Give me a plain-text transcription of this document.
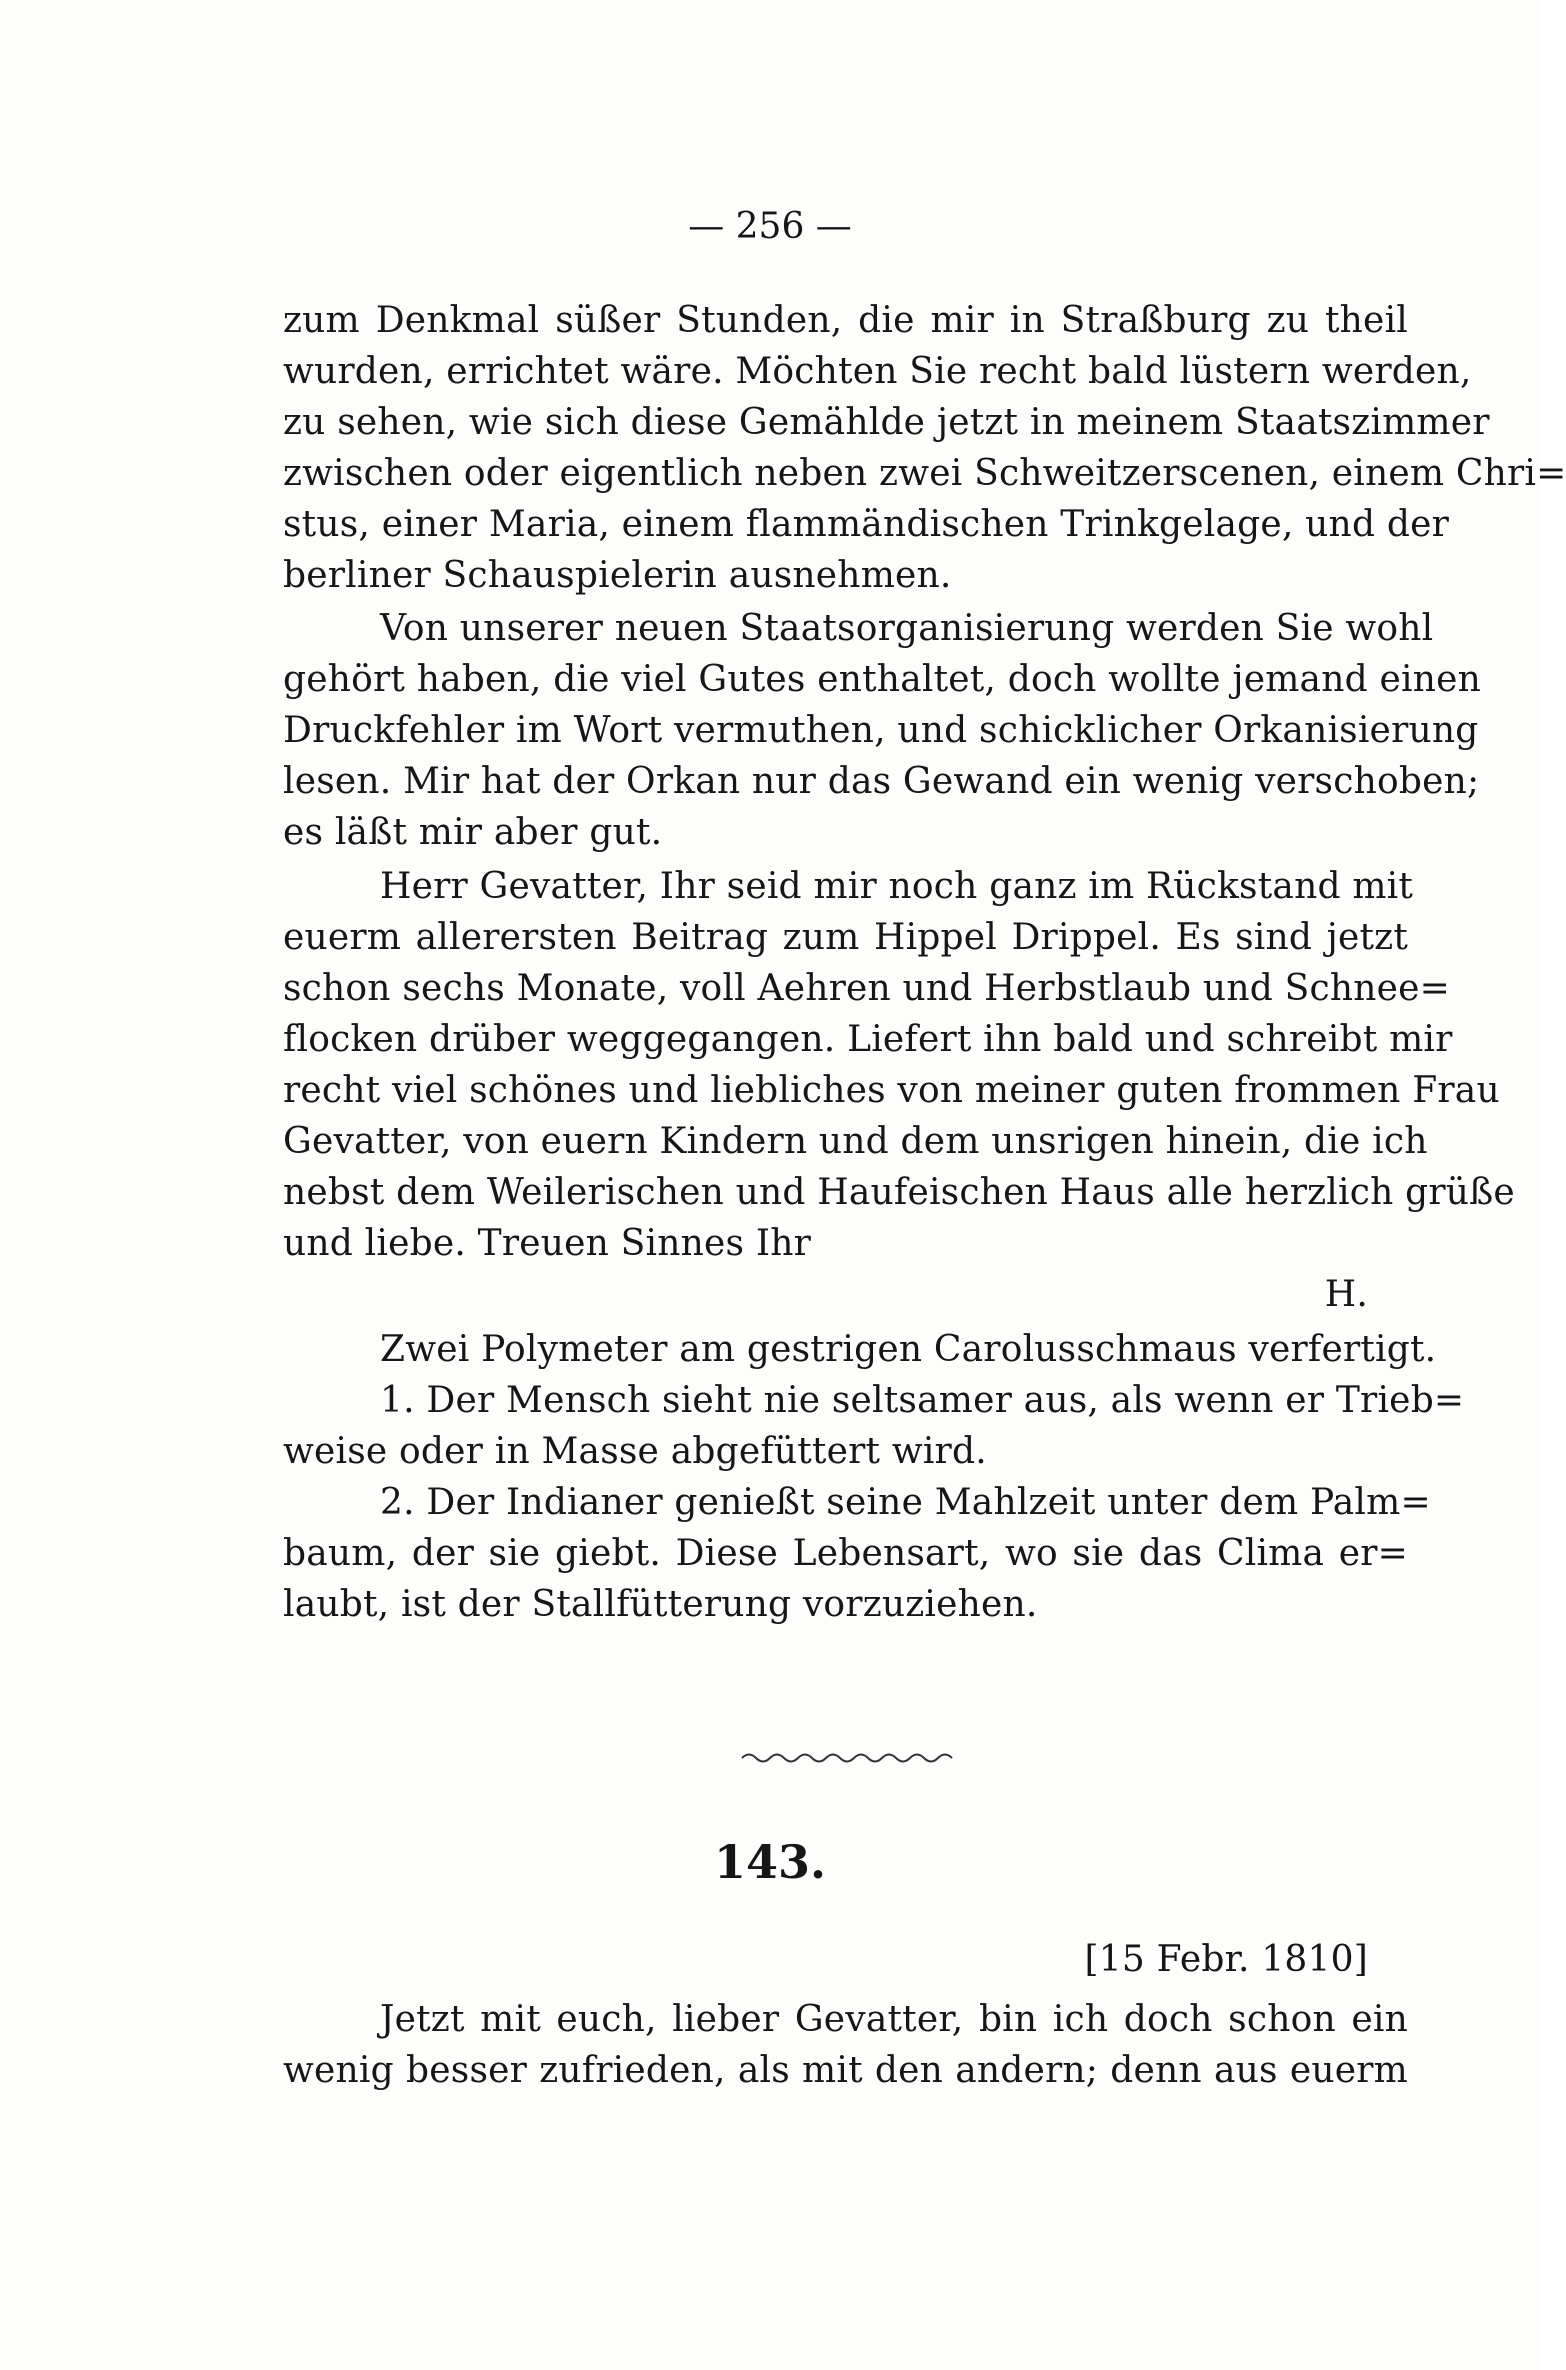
— 256 —
zum Denkmal süßer Stunden, die mir in Straßburg zu theil
wurden, errichtet wäre. Möchten Sie recht bald lüstern werden,
zu sehen, wie sich diese Gemählde jetzt in meinem Staatszimmer
zwischen oder eigentlich neben zwei Schweitzerscenen, einem Chri=
stus, einer Maria, einem flammändischen Trinkgelage, und der
berliner Schauspielerin ausnehmen.
Von unserer neuen Staatsorganisierung werden Sie wohl
gehört haben, die viel Gutes enthaltet, doch wollte jemand einen
Druckfehler im Wort vermuthen, und schicklicher Orkanisierung
lesen. Mir hat der Orkan nur das Gewand ein wenig verschoben;
es läßt mir aber gut.
Herr Gevatter, Ihr seid mir noch ganz im Rückstand mit
euerm allerersten Beitrag zum Hippel Drippel. Es sind jetzt
schon sechs Monate, voll Aehren und Herbstlaub und Schnee=
flocken drüber weggegangen. Liefert ihn bald und schreibt mir
recht viel schönes und liebliches von meiner guten frommen Frau
Gevatter, von euern Kindern und dem unsrigen hinein, die ich
nebst dem Weilerischen und Haufeischen Haus alle herzlich grüße
und liebe. Treuen Sinnes Ihr
H.
Zwei Polymeter am gestrigen Carolusschmaus verfertigt.
1. Der Mensch sieht nie seltsamer aus, als wenn er Trieb=
weise oder in Masse abgefüttert wird.
2. Der Indianer genießt seine Mahlzeit unter dem Palm=
baum, der sie giebt. Diese Lebensart, wo sie das Clima er=
laubt, ist der Stallfütterung vorzuziehen.
143.
[15 Febr. 1810]
Jetzt mit euch, lieber Gevatter, bin ich doch schon ein
wenig besser zufrieden, als mit den andern; denn aus euerm
